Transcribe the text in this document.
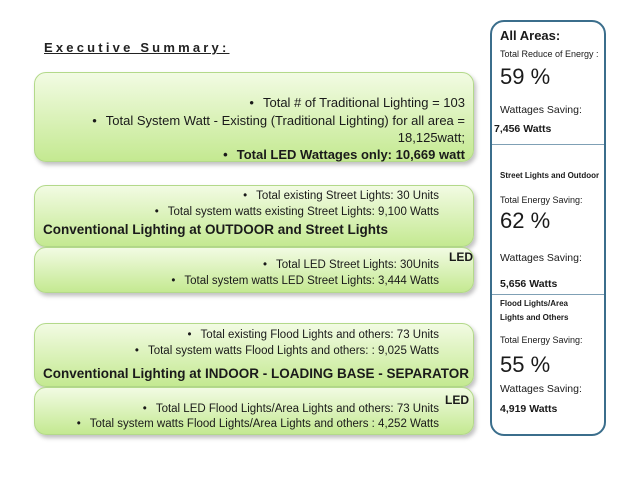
Executive Summary:
• Total # of Traditional Lighting = 103
• Total System Watt - Existing (Traditional Lighting) for all area =
18,125watt;
• Total LED Wattages only: 10,669 watt
• Total existing Street Lights: 30 Units
• Total system watts existing Street Lights: 9,100 Watts
Conventional Lighting at OUTDOOR and Street Lights
LED
• Total LED Street Lights: 30Units
• Total system watts LED Street Lights: 3,444 Watts
• Total existing Flood Lights and others: 73 Units
• Total system watts Flood Lights and others: : 9,025 Watts
Conventional Lighting at INDOOR - LOADING BASE - SEPARATOR
LED
• Total LED Flood Lights/Area Lights and others: 73 Units
• Total system watts Flood Lights/Area Lights and others : 4,252 Watts
All Areas:
Total Reduce of Energy :
59 %
Wattages Saving:
7,456 Watts
Street Lights and Outdoor
Total Energy Saving:
62 %
Wattages Saving:
5,656 Watts
Flood Lights/Area
Lights and Others
Total Energy Saving:
55 %
Wattages Saving:
4,919 Watts
